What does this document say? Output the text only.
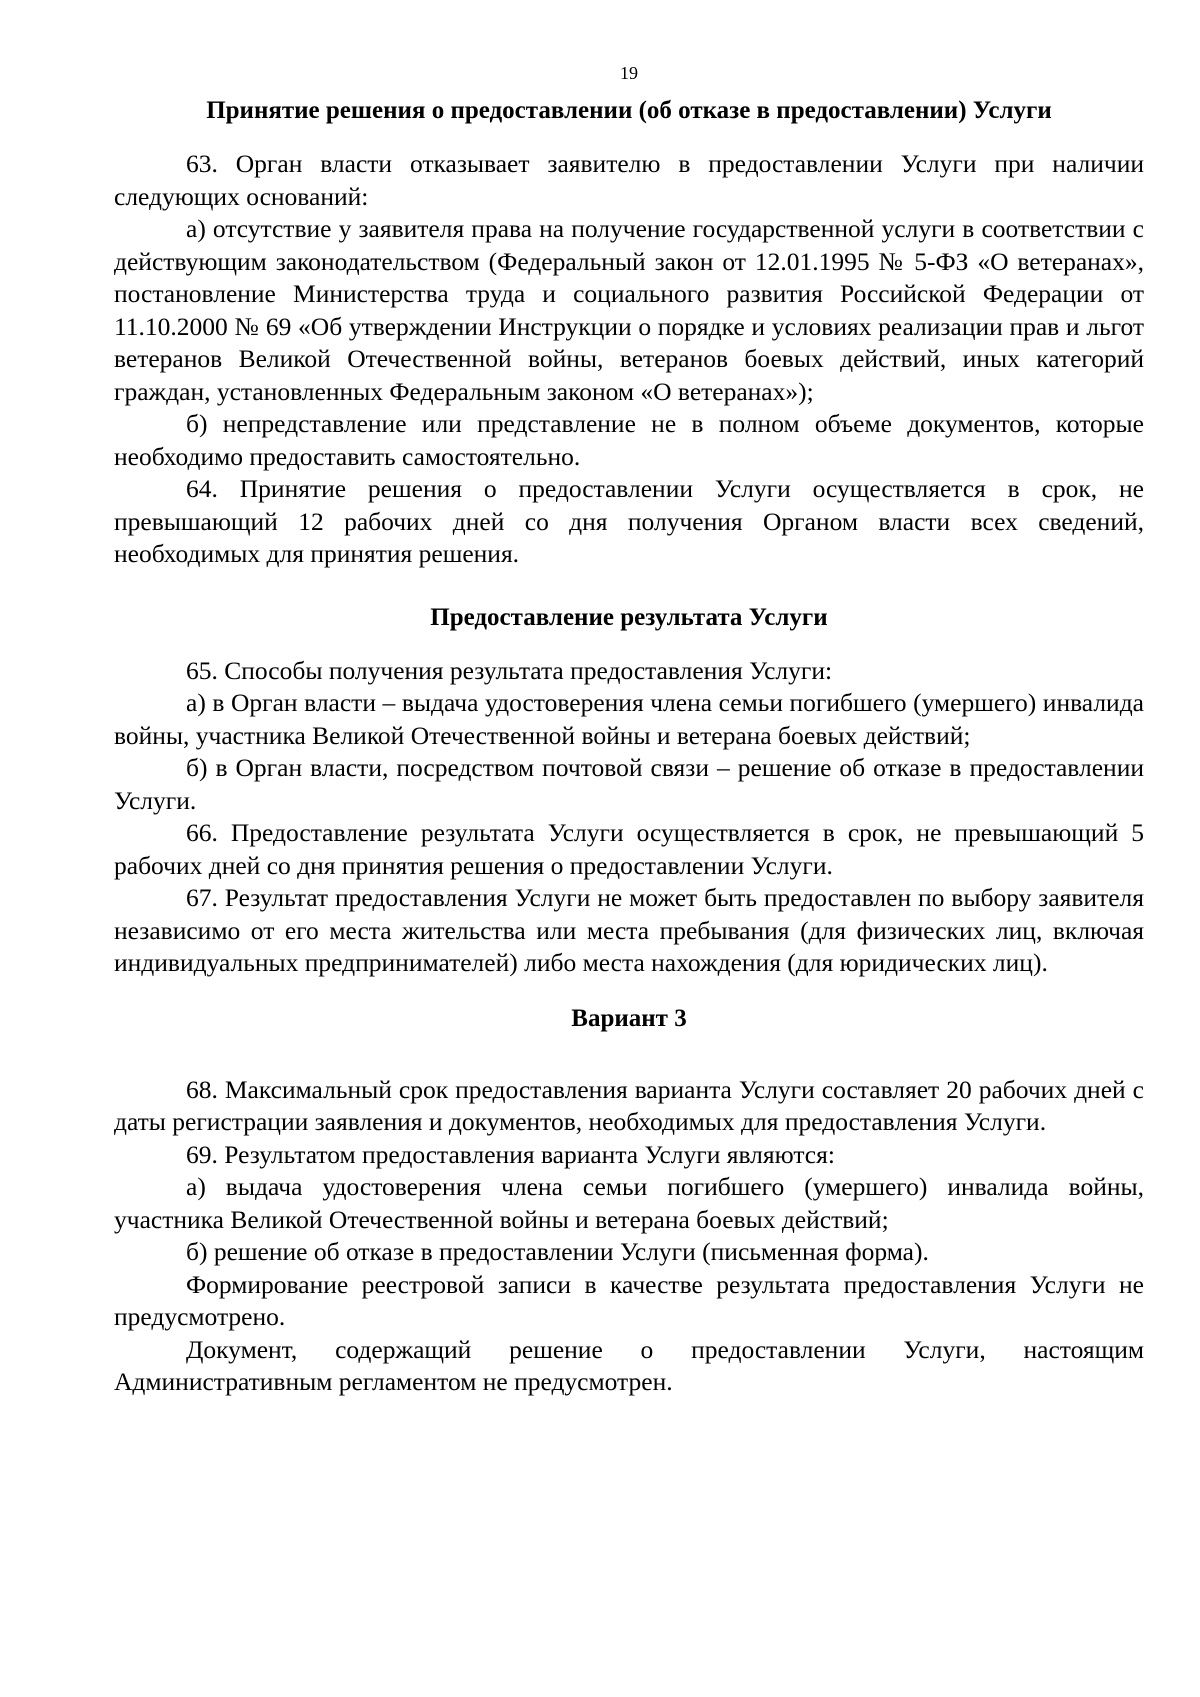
19
Принятие решения о предоставлении (об отказе в предоставлении) Услуги

63. Орган власти отказывает заявителю в предоставлении Услуги при наличии следующих оснований:

а) отсутствие у заявителя права на получение государственной услуги в соответствии с действующим законодательством (Федеральный закон от 12.01.1995 № 5-ФЗ «О ветеранах», постановление Министерства труда и социального развития Российской Федерации от 11.10.2000 № 69 «Об утверждении Инструкции о порядке и условиях реализации прав и льгот ветеранов Великой Отечественной войны, ветеранов боевых действий, иных категорий граждан, установленных Федеральным законом «О ветеранах»);

б) непредставление или представление не в полном объеме документов, которые необходимо предоставить самостоятельно.

64. Принятие решения о предоставлении Услуги осуществляется в срок, не превышающий 12 рабочих дней со дня получения Органом власти всех сведений, необходимых для принятия решения.

Предоставление результата Услуги

65. Способы получения результата предоставления Услуги:

а) в Орган власти – выдача удостоверения члена семьи погибшего (умершего) инвалида войны, участника Великой Отечественной войны и ветерана боевых действий;

б) в Орган власти, посредством почтовой связи – решение об отказе в предоставлении Услуги.

66. Предоставление результата Услуги осуществляется в срок, не превышающий 5 рабочих дней со дня принятия решения о предоставлении Услуги.

67. Результат предоставления Услуги не может быть предоставлен по выбору заявителя независимо от его места жительства или места пребывания (для физических лиц, включая индивидуальных предпринимателей) либо места нахождения (для юридических лиц).

Вариант 3

68. Максимальный срок предоставления варианта Услуги составляет 20 рабочих дней с даты регистрации заявления и документов, необходимых для предоставления Услуги.

69. Результатом предоставления варианта Услуги являются:

а) выдача удостоверения члена семьи погибшего (умершего) инвалида войны, участника Великой Отечественной войны и ветерана боевых действий;

б) решение об отказе в предоставлении Услуги (письменная форма).

Формирование реестровой записи в качестве результата предоставления Услуги не предусмотрено.

Документ, содержащий решение о предоставлении Услуги, настоящим Административным регламентом не предусмотрен.
